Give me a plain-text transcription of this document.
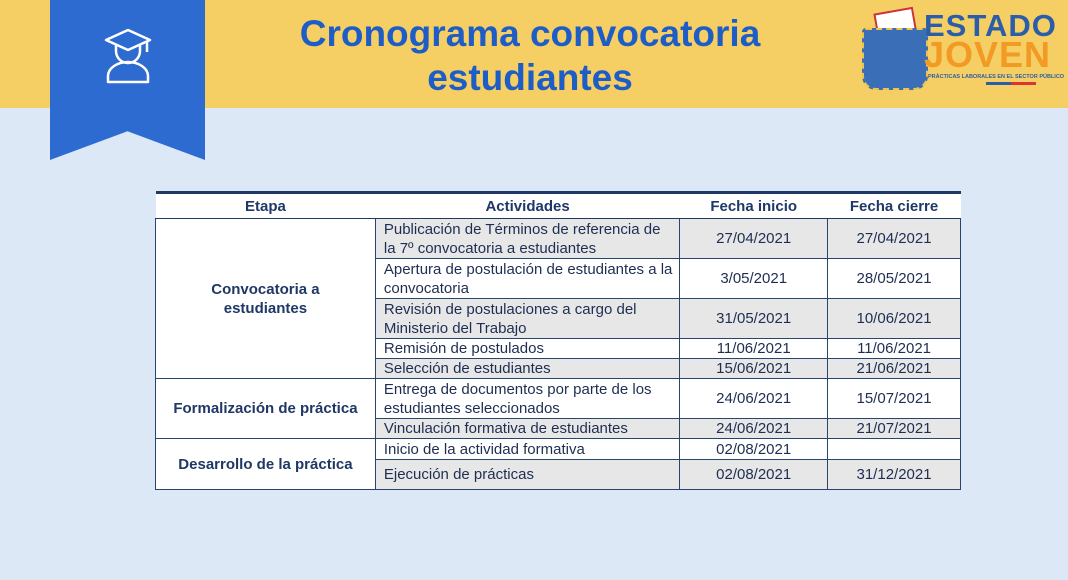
Cronograma convocatoria
estudiantes
ESTADO
JOVEN
PRÁCTICAS LABORALES EN EL SECTOR PÚBLICO
Etapa	Actividades	Fecha inicio	Fecha cierre
Convocatoria a estudiantes	Publicación de Términos de referencia de la 7º convocatoria a estudiantes	27/04/2021	27/04/2021
	Apertura de postulación de estudiantes a la convocatoria	3/05/2021	28/05/2021
	Revisión de postulaciones a cargo del Ministerio del Trabajo	31/05/2021	10/06/2021
	Remisión de postulados	11/06/2021	11/06/2021
	Selección de estudiantes	15/06/2021	21/06/2021
Formalización de práctica	Entrega de documentos por parte de los estudiantes seleccionados	24/06/2021	15/07/2021
	Vinculación formativa de estudiantes	24/06/2021	21/07/2021
Desarrollo de la práctica	Inicio de la actividad formativa	02/08/2021	
	Ejecución de prácticas	02/08/2021	31/12/2021
